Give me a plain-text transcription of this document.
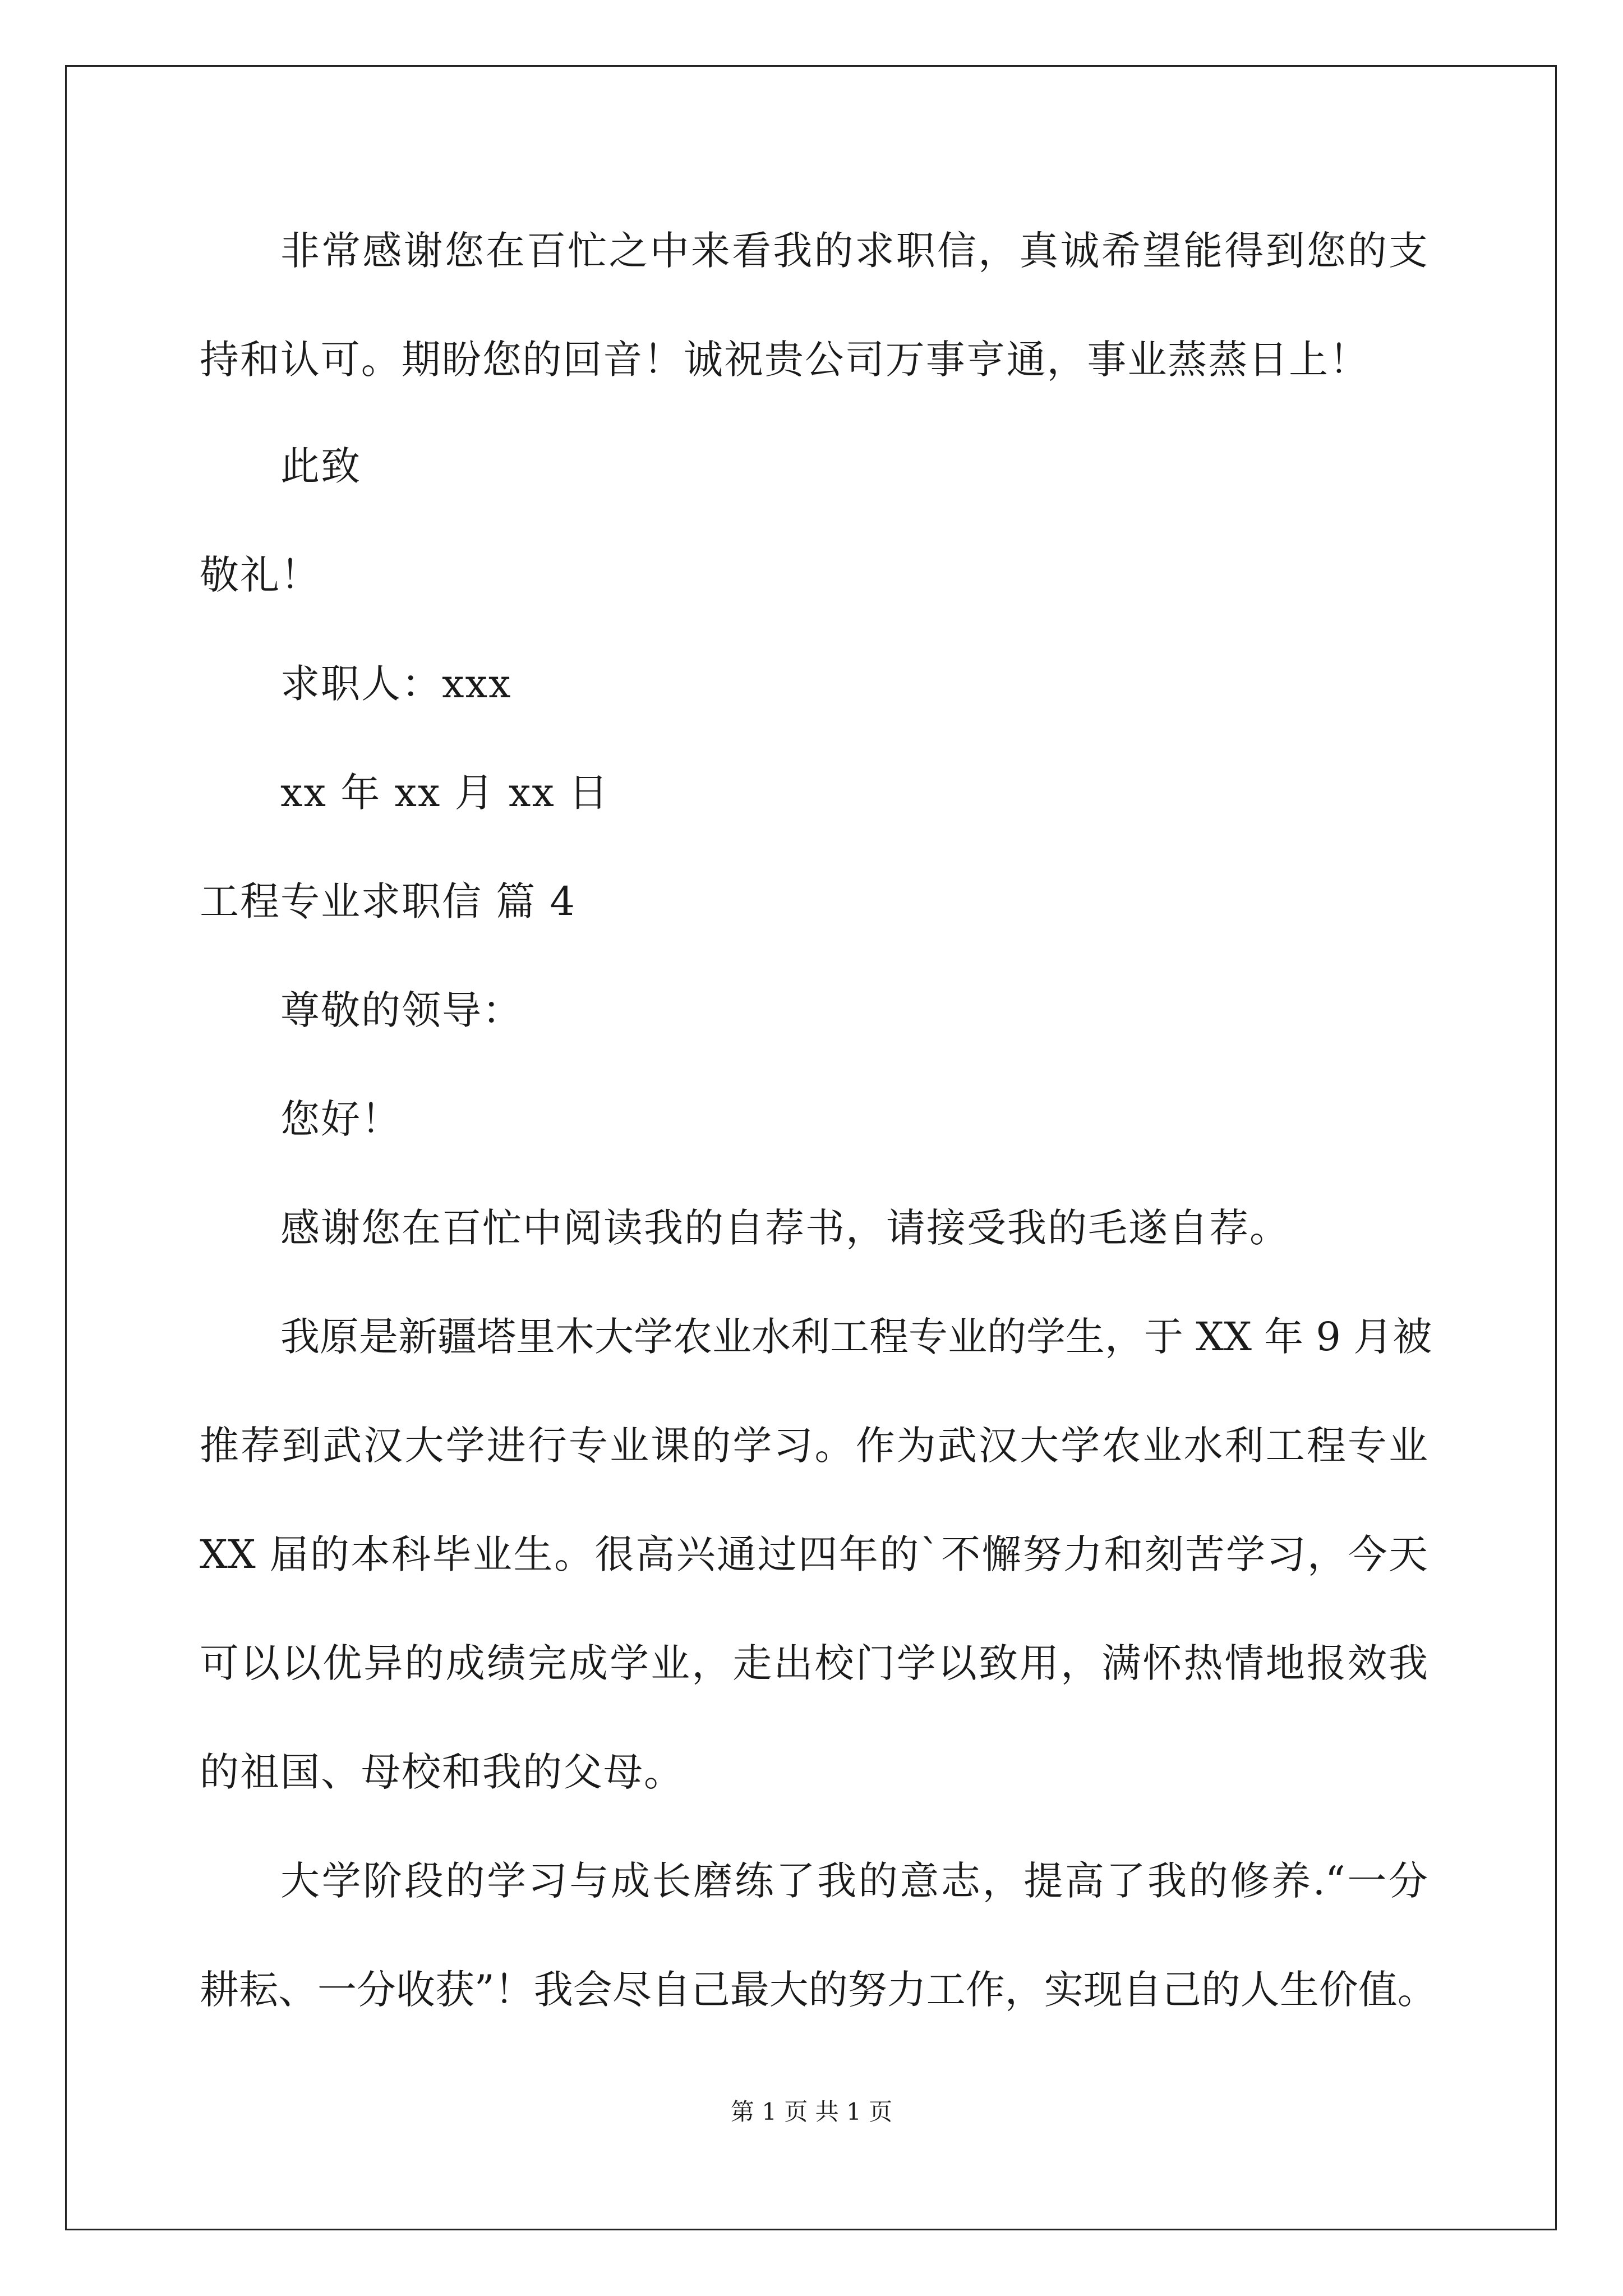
非常感谢您在百忙之中来看我的求职信，真诚希望能得到您的支
持和认可。期盼您的回音！诚祝贵公司万事亨通，事业蒸蒸日上！
此致
敬礼！
求职人：xxx
xx 年 xx 月 xx 日
工程专业求职信 篇 4
尊敬的领导：
您好！
感谢您在百忙中阅读我的自荐书，请接受我的毛遂自荐。
我原是新疆塔里木大学农业水利工程专业的学生，于 XX 年 9 月被
推荐到武汉大学进行专业课的学习。作为武汉大学农业水利工程专业
XX 届的本科毕业生。很高兴通过四年的`不懈努力和刻苦学习，今天
可以以优异的成绩完成学业，走出校门学以致用，满怀热情地报效我
的祖国、母校和我的父母。
大学阶段的学习与成长磨练了我的意志，提高了我的修养.“一分
耕耘、一分收获”！我会尽自己最大的努力工作，实现自己的人生价值。
第 1 页 共 1 页
